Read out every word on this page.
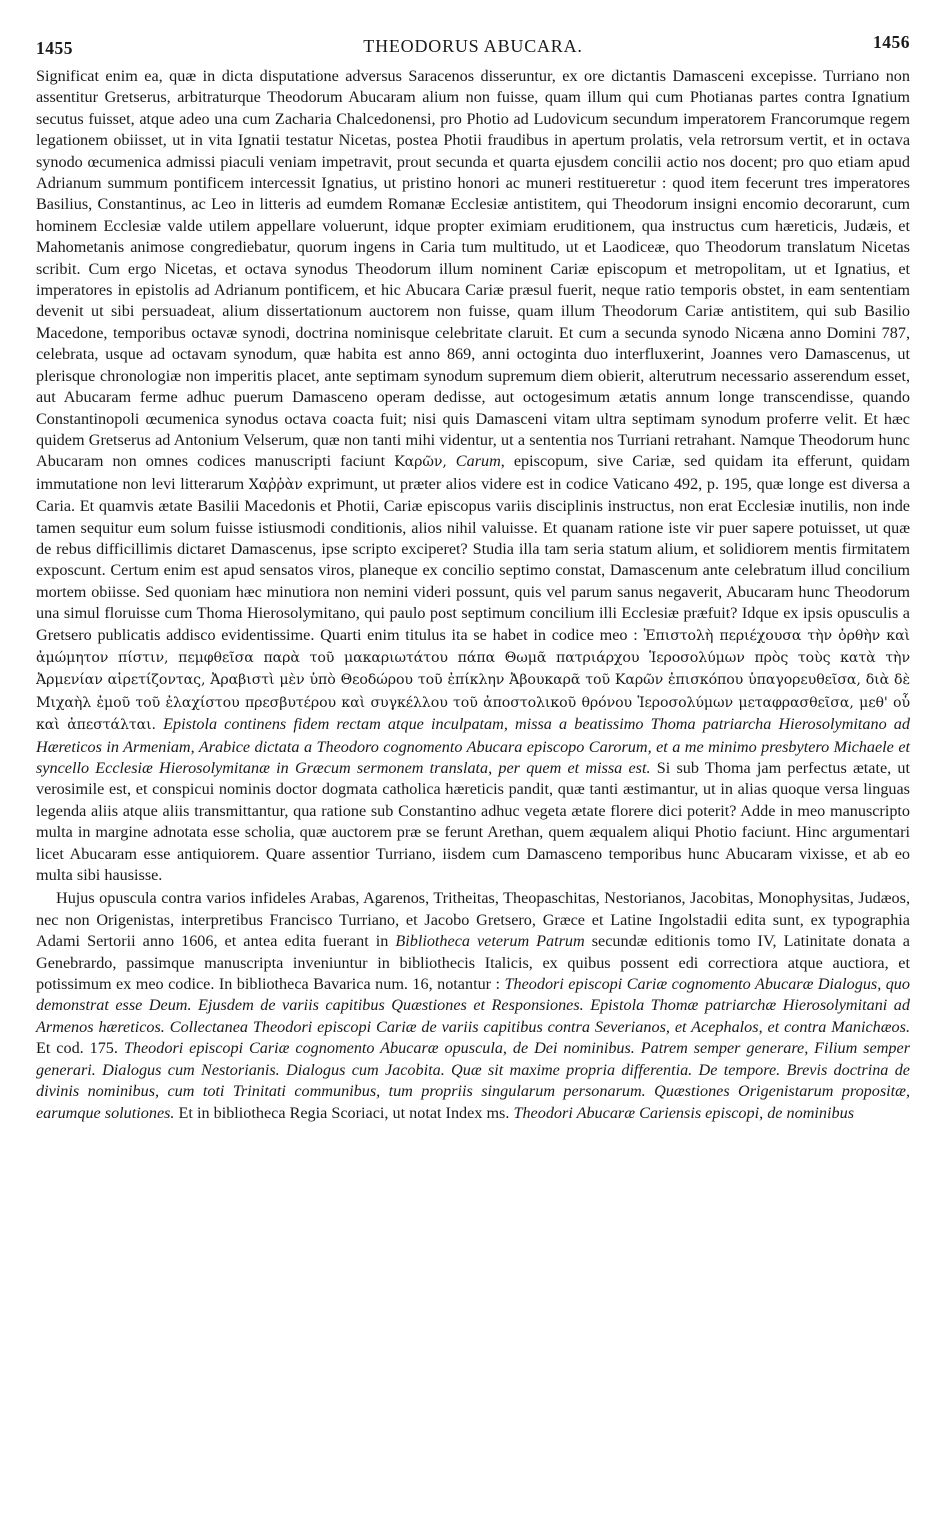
1455	THEODORUS ABUCARA.	1456

Significat enim ea, quæ in dicta disputatione adversus Saracenos disseruntur, ex ore dictantis Damasceni excepisse. Turriano non assentitur Gretserus, arbitraturque Theodorum Abucaram alium non fuisse, quam illum qui cum Photianas partes contra Ignatium secutus fuisset, atque adeo una cum Zacharia Chalcedonensi, pro Photio ad Ludovicum secundum imperatorem Francorumque regem legationem obiisset, ut in vita Ignatii testatur Nicetas, postea Photii fraudibus in apertum prolatis, vela retrorsum vertit, et in octava synodo œcumenica admissi piaculi veniam impetravit, prout secunda et quarta ejusdem concilii actio nos docent; pro quo etiam apud Adrianum summum pontificem intercessit Ignatius, ut pristino honori ac muneri restitueretur : quod item fecerunt tres imperatores Basilius, Constantinus, ac Leo in litteris ad eumdem Romanæ Ecclesiæ antistitem, qui Theodorum insigni encomio decorarunt, cum hominem Ecclesiæ valde utilem appellare voluerunt, idque propter eximiam eruditionem, qua instructus cum hæreticis, Judæis, et Mahometanis animose congrediebatur, quorum ingens in Caria tum multitudo, ut et Laodiceæ, quo Theodorum translatum Nicetas scribit. Cum ergo Nicetas, et octava synodus Theodorum illum nominent Cariæ episcopum et metropolitam, ut et Ignatius, et imperatores in epistolis ad Adrianum pontificem, et hic Abucara Cariæ præsul fuerit, neque ratio temporis obstet, in eam sententiam devenit ut sibi persuadeat, alium dissertationum auctorem non fuisse, quam illum Theodorum Cariæ antistitem, qui sub Basilio Macedone, temporibus octavæ synodi, doctrina nominisque celebritate claruit. Et cum a secunda synodo Nicæna anno Domini 787, celebrata, usque ad octavam synodum, quæ habita est anno 869, anni octoginta duo interfluxerint, Joannes vero Damascenus, ut plerisque chronologiæ non imperitis placet, ante septimam synodum supremum diem obierit, alterutrum necessario asserendum esset, aut Abucaram ferme adhuc puerum Damasceno operam dedisse, aut octogesimum ætatis annum longe transcendisse, quando Constantinopoli œcumenica synodus octava coacta fuit; nisi quis Damasceni vitam ultra septimam synodum proferre velit. Et hæc quidem Gretserus ad Antonium Velserum, quæ non tanti mihi videntur, ut a sententia nos Turriani retrahant. Namque Theodorum hunc Abucaram non omnes codices manuscripti faciunt Καρῶν, Carum, episcopum, sive Cariæ, sed quidam ita efferunt, quidam immutatione non levi litterarum Χαῤῥὰν exprimunt, ut præter alios videre est in codice Vaticano 492, p. 195, quæ longe est diversa a Caria. Et quamvis ætate Basilii Macedonis et Photii, Cariæ episcopus variis disciplinis instructus, non erat Ecclesiæ inutilis, non inde tamen sequitur eum solum fuisse istiusmodi conditionis, alios nihil valuisse. Et quanam ratione iste vir puer sapere potuisset, ut quæ de rebus difficillimis dictaret Damascenus, ipse scripto exciperet? Studia illa tam seria statum alium, et solidiorem mentis firmitatem exposcunt. Certum enim est apud sensatos viros, planeque ex concilio septimo constat, Damascenum ante celebratum illud concilium mortem obiisse. Sed quoniam hæc minutiora non nemini videri possunt, quis vel parum sanus negaverit, Abucaram hunc Theodorum una simul floruisse cum Thoma Hierosolymitano, qui paulo post septimum concilium illi Ecclesiæ præfuit? Idque ex ipsis opusculis a Gretsero publicatis addisco evidentissime. Quarti enim titulus ita se habet in codice meo : Ἐπιστολὴ περιέχουσα τὴν ὀρθὴν καὶ ἀμώμητον πίστιν, πεμφθεῖσα παρὰ τοῦ μακαριωτάτου πάπα Θωμᾶ πατριάρχου Ἱεροσολύμων πρὸς τοὺς κατὰ τὴν Ἀρμενίαν αἱρετίζοντας, Ἀραβιστὶ μὲν ὑπὸ Θεοδώρου τοῦ ἐπίκλην Ἀβουκαρᾶ τοῦ Καρῶν ἐπισκόπου ὑπαγορευθεῖσα, διὰ δὲ Μιχαὴλ ἐμοῦ τοῦ ἐλαχίστου πρεσβυτέρου καὶ συγκέλλου τοῦ ἀποστολικοῦ θρόνου Ἱεροσολύμων μεταφρασθεῖσα, μεθ' οὗ καὶ ἀπεστάλται. Epistola continens fidem rectam atque inculpatam, missa a beatissimo Thoma patriarcha Hierosolymitano ad Hæreticos in Armeniam, Arabice dictata a Theodoro cognomento Abucara episcopo Carorum, et a me minimo presbytero Michaele et syncello Ecclesiæ Hierosolymitanæ in Græcum sermonem translata, per quem et missa est. Si sub Thoma jam perfectus ætate, ut verosimile est, et conspicui nominis doctor dogmata catholica hæreticis pandit, quæ tanti æstimantur, ut in alias quoque versa linguas legenda aliis atque aliis transmittantur, qua ratione sub Constantino adhuc vegeta ætate florere dici poterit? Adde in meo manuscripto multa in margine adnotata esse scholia, quæ auctorem præ se ferunt Arethan, quem æqualem aliqui Photio faciunt. Hinc argumentari licet Abucaram esse antiquiorem. Quare assentior Turriano, iisdem cum Damasceno temporibus hunc Abucaram vixisse, et ab eo multa sibi hausisse.

Hujus opuscula contra varios infideles Arabas, Agarenos, Tritheitas, Theopaschitas, Nestorianos, Jacobitas, Monophysitas, Judæos, nec non Origenistas, interpretibus Francisco Turriano, et Jacobo Gretsero, Græce et Latine Ingolstadii edita sunt, ex typographia Adami Sertorii anno 1606, et antea edita fuerant in Bibliotheca veterum Patrum secundæ editionis tomo IV, Latinitate donata a Genebrardo, passimque manuscripta inveniuntur in bibliothecis Italicis, ex quibus possent edi correctiora atque auctiora, et potissimum ex meo codice. In bibliotheca Bavarica num. 16, notantur : Theodori episcopi Cariæ cognomento Abucaræ Dialogus, quo demonstrat esse Deum. Ejusdem de variis capitibus Quæstiones et Responsiones. Epistola Thomæ patriarchæ Hierosolymitani ad Armenos hæreticos. Collectanea Theodori episcopi Cariæ de variis capitibus contra Severianos, et Acephalos, et contra Manichæos. Et cod. 175. Theodori episcopi Cariæ cognomento Abucaræ opuscula, de Dei nominibus. Patrem semper generare, Filium semper generari. Dialogus cum Nestorianis. Dialogus cum Jacobita. Quæ sit maxime propria differentia. De tempore. Brevis doctrina de divinis nominibus, cum toti Trinitati communibus, tum propriis singularum personarum. Quæstiones Origenistarum propositæ, earumque solutiones. Et in bibliotheca Regia Scoriaci, ut notat Index ms. Theodori Abucaræ Cariensis episcopi, de nominibus
